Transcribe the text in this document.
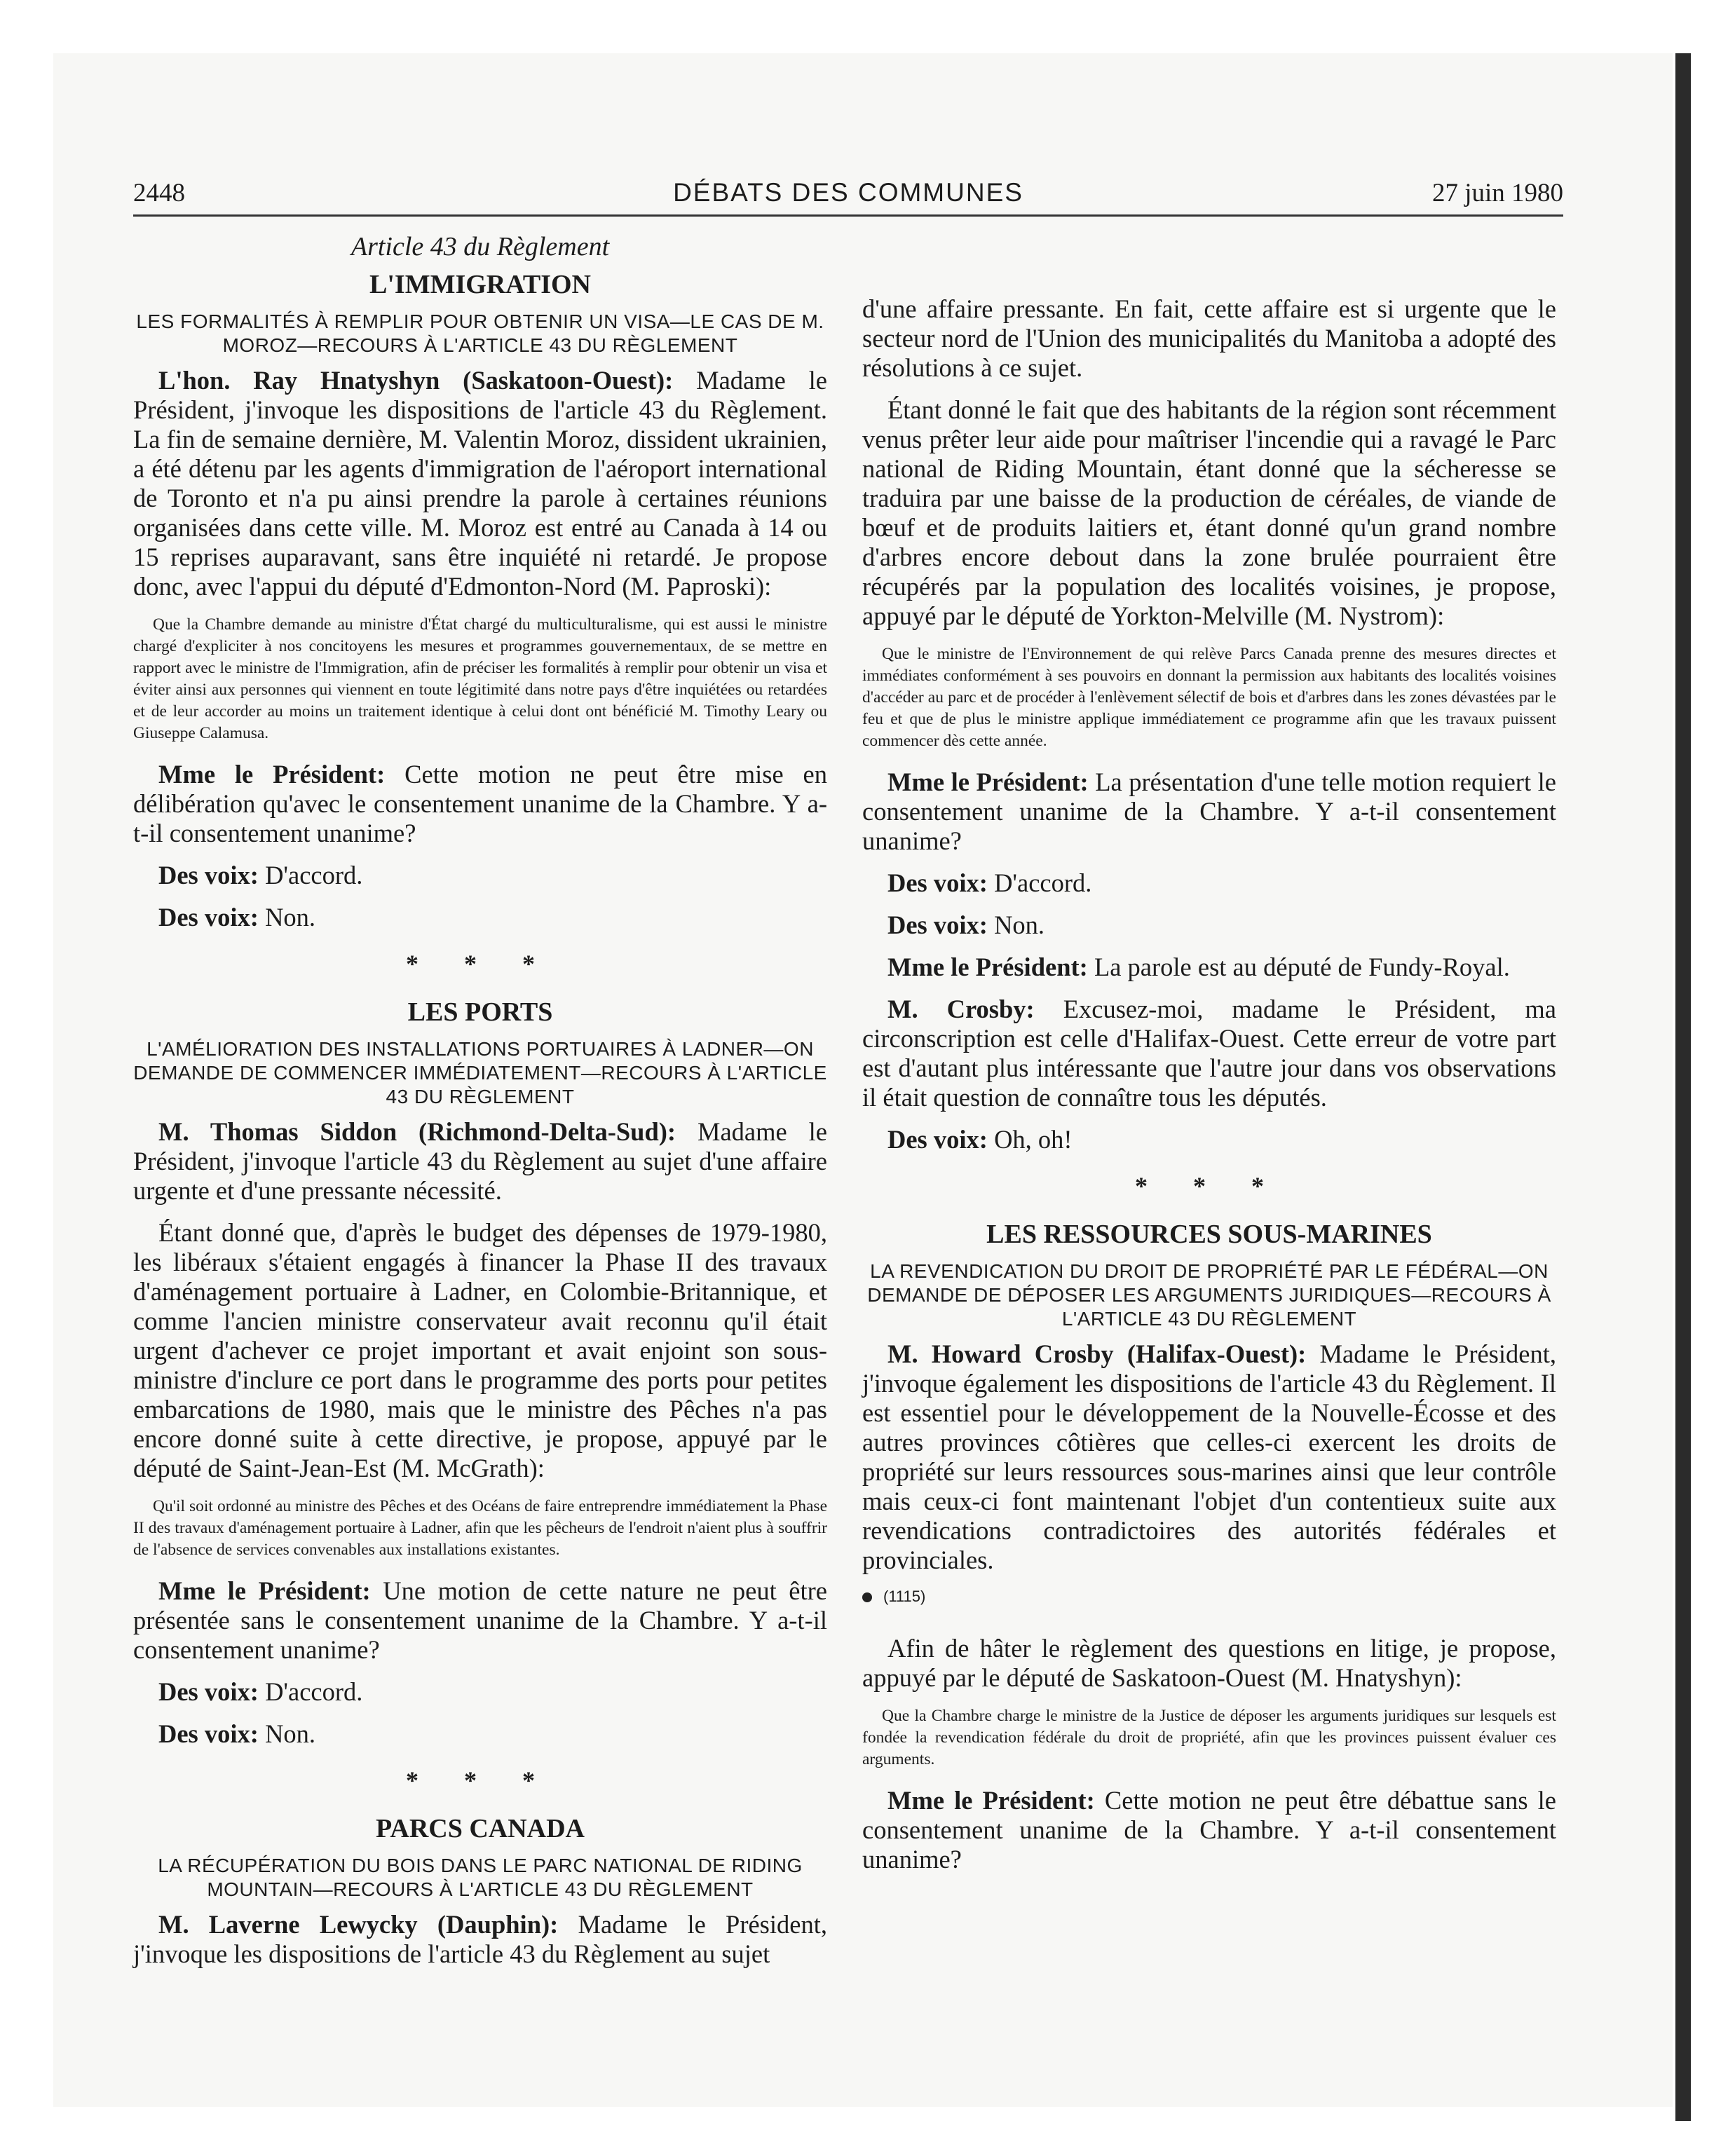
2448	DÉBATS DES COMMUNES	27 juin 1980
Article 43 du Règlement
L'IMMIGRATION
LES FORMALITÉS À REMPLIR POUR OBTENIR UN VISA—LE CAS DE M. MOROZ—RECOURS À L'ARTICLE 43 DU RÈGLEMENT

L'hon. Ray Hnatyshyn (Saskatoon-Ouest): Madame le Président, j'invoque les dispositions de l'article 43 du Règlement. La fin de semaine dernière, M. Valentin Moroz, dissident ukrainien, a été détenu par les agents d'immigration de l'aéroport international de Toronto et n'a pu ainsi prendre la parole à certaines réunions organisées dans cette ville. M. Moroz est entré au Canada à 14 ou 15 reprises auparavant, sans être inquiété ni retardé. Je propose donc, avec l'appui du député d'Edmonton-Nord (M. Paproski):

Que la Chambre demande au ministre d'État chargé du multiculturalisme, qui est aussi le ministre chargé d'expliciter à nos concitoyens les mesures et programmes gouvernementaux, de se mettre en rapport avec le ministre de l'Immigration, afin de préciser les formalités à remplir pour obtenir un visa et éviter ainsi aux personnes qui viennent en toute légitimité dans notre pays d'être inquiétées ou retardées et de leur accorder au moins un traitement identique à celui dont ont bénéficié M. Timothy Leary ou Giuseppe Calamusa.

Mme le Président: Cette motion ne peut être mise en délibération qu'avec le consentement unanime de la Chambre. Y a-t-il consentement unanime?

Des voix: D'accord.

Des voix: Non.

* * *
LES PORTS
L'AMÉLIORATION DES INSTALLATIONS PORTUAIRES À LADNER—ON DEMANDE DE COMMENCER IMMÉDIATEMENT—RECOURS À L'ARTICLE 43 DU RÈGLEMENT

M. Thomas Siddon (Richmond-Delta-Sud): Madame le Président, j'invoque l'article 43 du Règlement au sujet d'une affaire urgente et d'une pressante nécessité.

Étant donné que, d'après le budget des dépenses de 1979-1980, les libéraux s'étaient engagés à financer la Phase II des travaux d'aménagement portuaire à Ladner, en Colombie-Britannique, et comme l'ancien ministre conservateur avait reconnu qu'il était urgent d'achever ce projet important et avait enjoint son sous-ministre d'inclure ce port dans le programme des ports pour petites embarcations de 1980, mais que le ministre des Pêches n'a pas encore donné suite à cette directive, je propose, appuyé par le député de Saint-Jean-Est (M. McGrath):

Qu'il soit ordonné au ministre des Pêches et des Océans de faire entreprendre immédiatement la Phase II des travaux d'aménagement portuaire à Ladner, afin que les pêcheurs de l'endroit n'aient plus à souffrir de l'absence de services convenables aux installations existantes.

Mme le Président: Une motion de cette nature ne peut être présentée sans le consentement unanime de la Chambre. Y a-t-il consentement unanime?

Des voix: D'accord.

Des voix: Non.

* * *
PARCS CANADA
LA RÉCUPÉRATION DU BOIS DANS LE PARC NATIONAL DE RIDING MOUNTAIN—RECOURS À L'ARTICLE 43 DU RÈGLEMENT

M. Laverne Lewycky (Dauphin): Madame le Président, j'invoque les dispositions de l'article 43 du Règlement au sujet

d'une affaire pressante. En fait, cette affaire est si urgente que le secteur nord de l'Union des municipalités du Manitoba a adopté des résolutions à ce sujet.

Étant donné le fait que des habitants de la région sont récemment venus prêter leur aide pour maîtriser l'incendie qui a ravagé le Parc national de Riding Mountain, étant donné que la sécheresse se traduira par une baisse de la production de céréales, de viande de bœuf et de produits laitiers et, étant donné qu'un grand nombre d'arbres encore debout dans la zone brulée pourraient être récupérés par la population des localités voisines, je propose, appuyé par le député de Yorkton-Melville (M. Nystrom):

Que le ministre de l'Environnement de qui relève Parcs Canada prenne des mesures directes et immédiates conformément à ses pouvoirs en donnant la permission aux habitants des localités voisines d'accéder au parc et de procéder à l'enlèvement sélectif de bois et d'arbres dans les zones dévastées par le feu et que de plus le ministre applique immédiatement ce programme afin que les travaux puissent commencer dès cette année.

Mme le Président: La présentation d'une telle motion requiert le consentement unanime de la Chambre. Y a-t-il consentement unanime?

Des voix: D'accord.

Des voix: Non.

Mme le Président: La parole est au député de Fundy-Royal.

M. Crosby: Excusez-moi, madame le Président, ma circonscription est celle d'Halifax-Ouest. Cette erreur de votre part est d'autant plus intéressante que l'autre jour dans vos observations il était question de connaître tous les députés.

Des voix: Oh, oh!

* * *
LES RESSOURCES SOUS-MARINES
LA REVENDICATION DU DROIT DE PROPRIÉTÉ PAR LE FÉDÉRAL—ON DEMANDE DE DÉPOSER LES ARGUMENTS JURIDIQUES—RECOURS À L'ARTICLE 43 DU RÈGLEMENT

M. Howard Crosby (Halifax-Ouest): Madame le Président, j'invoque également les dispositions de l'article 43 du Règlement. Il est essentiel pour le développement de la Nouvelle-Écosse et des autres provinces côtières que celles-ci exercent les droits de propriété sur leurs ressources sous-marines ainsi que leur contrôle mais ceux-ci font maintenant l'objet d'un contentieux suite aux revendications contradictoires des autorités fédérales et provinciales.

(1115)

Afin de hâter le règlement des questions en litige, je propose, appuyé par le député de Saskatoon-Ouest (M. Hnatyshyn):

Que la Chambre charge le ministre de la Justice de déposer les arguments juridiques sur lesquels est fondée la revendication fédérale du droit de propriété, afin que les provinces puissent évaluer ces arguments.

Mme le Président: Cette motion ne peut être débattue sans le consentement unanime de la Chambre. Y a-t-il consentement unanime?
